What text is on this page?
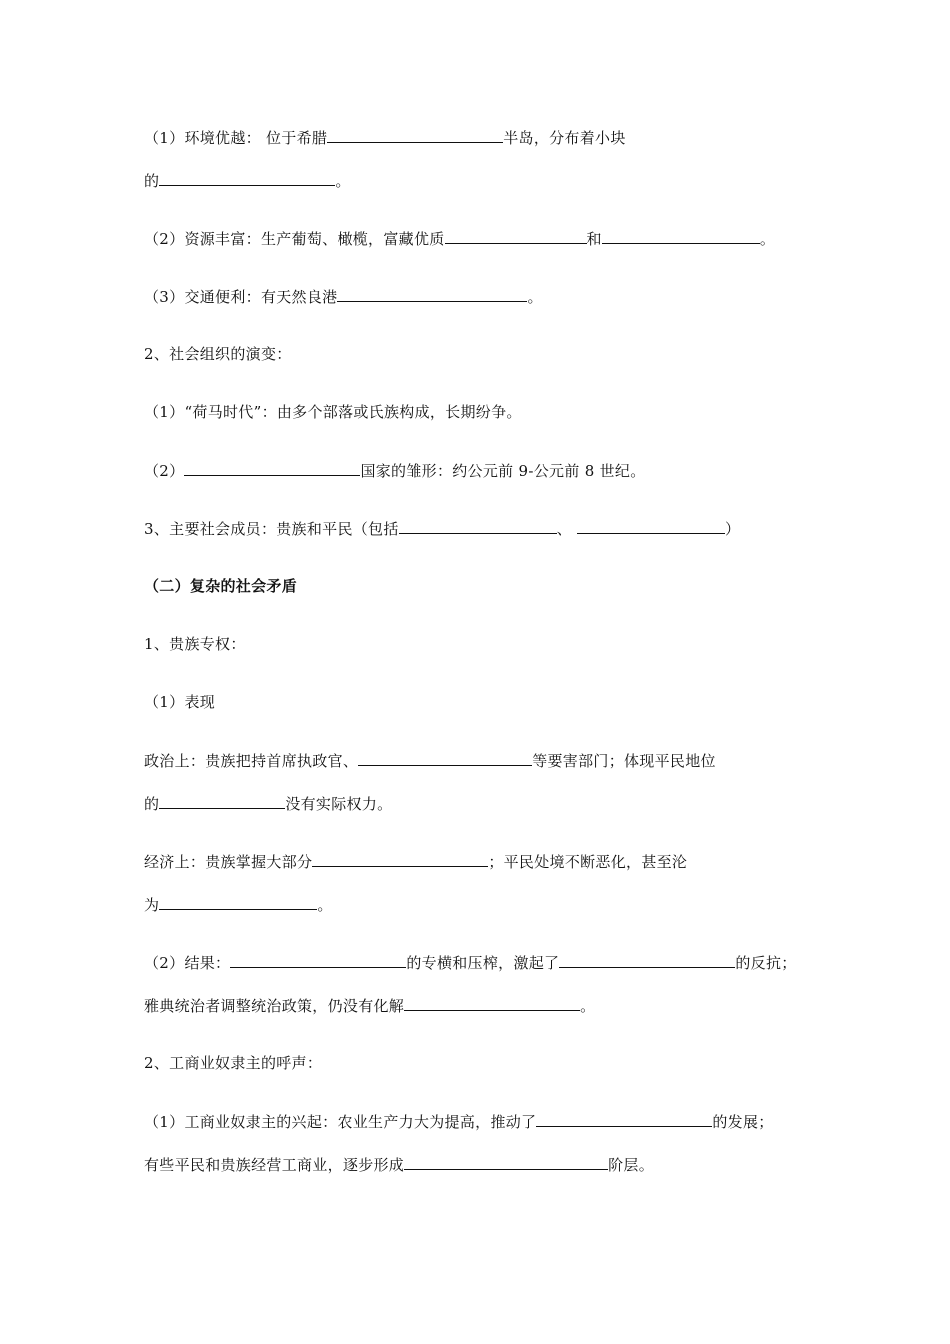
（1）环境优越： 位于希腊	半岛，分布着小块
的	。
（2）资源丰富：生产葡萄、橄榄，富藏优质	和	。
（3）交通便利：有天然良港	。
2、社会组织的演变：
（1）“荷马时代”：由多个部落或氏族构成，长期纷争。
（2）	国家的雏形：约公元前 9-公元前 8 世纪。
3、主要社会成员：贵族和平民（包括	、	）
（二）复杂的社会矛盾
1、贵族专权：
（1）表现
政治上：贵族把持首席执政官、	等要害部门；体现平民地位
的	没有实际权力。
经济上：贵族掌握大部分	；平民处境不断恶化，甚至沦
为	。
（2）结果：	的专横和压榨，激起了	的反抗；
雅典统治者调整统治政策，仍没有化解	。
2、工商业奴隶主的呼声：
（1）工商业奴隶主的兴起：农业生产力大为提高，推动了	的发展；
有些平民和贵族经营工商业，逐步形成	阶层。
